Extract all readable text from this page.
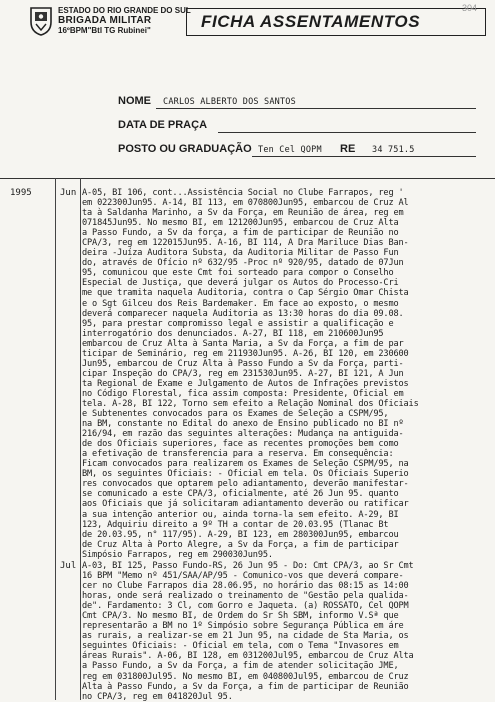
ESTADO DO RIO GRANDE DO SUL
BRIGADA MILITAR
16ºBPM"Btl TG Rubinei"	FICHA ASSENTAMENTOS
304
NOME CARLOS ALBERTO DOS SANTOS
DATA DE PRAÇA
POSTO OU GRADUAÇÃO Ten Cel QOPM RE 34 751.5
1995	Jun A-05, BI 106, cont...Assistência Social no Clube Farrapos, reg '
em 022300Jun95. A-14, BI 113, em 070800Jun95, embarcou de Cruz Al
ta à Saldanha Marinho, a Sv da Força, em Reunião de área, reg em
071845Jun95. No mesmo BI, em 121200Jun95, embarcou de Cruz Alta
a Passo Fundo, a Sv da força, a fim de participar de Reunião no
CPA/3, reg em 122015Jun95. A-16, BI 114, A Dra Mariluce Dias Ban-
deira -Juíza Auditora Substa, da Auditoria Militar de Passo Fun
do, através de Ofício nº 632/95 -Proc nº 920/95, datado de 07Jun
95, comunicou que este Cmt foi sorteado para compor o Conselho
Especial de Justiça, que deverá julgar os Autos do Processo-Cri
me que tramita naquela Auditoria, contra o Cap Sérgio Omar Chista
e o Sgt Gilceu dos Reis Bardemaker. Em face ao exposto, o mesmo
deverá comparecer naquela Auditoria as 13:30 horas do dia 09.08.
95, para prestar compromisso legal e assistir a qualificação e
interrogatório dos denunciados. A-27, BI 118, em 210600Jun95
embarcou de Cruz Alta à Santa Maria, a Sv da Força, a fim de par
ticipar de Seminário, reg em 211930Jun95. A-26, BI 120, em 230600
Jun95, embarcou de Cruz Alta à Passo Fundo a Sv da Força, parti-
cipar Inspeção do CPA/3, reg em 231530Jun95. A-27, BI 121, A Jun
ta Regional de Exame e Julgamento de Autos de Infrações previstos
no Código Florestal, fica assim composta: Presidente, Oficial em
tela. A-28, BI 122, Torno sem efeito a Relação Nominal dos Oficiais
e Subtenentes convocados para os Exames de Seleção a CSPM/95,
na BM, constante no Edital do anexo de Ensino publicado no BI nº
216/94, em razão das seguintes alterações: Mudança na antiguida-
de dos Oficiais superiores, face as recentes promoções bem como
a efetivação de transferencia para a reserva. Em consequência:
Ficam convocados para realizarem os Exames de Seleção CSPM/95, na
BM, os seguintes Oficiais: - Oficial em tela. Os Oficiais Superio
res convocados que optarem pelo adiantamento, deverão manifestar-
se comunicado a este CPA/3, oficialmente, até 26 Jun 95. quanto
aos Oficiais que já solicitaram adiantamento deverão ou ratificar
a sua intenção anterior ou, ainda torna-la sem efeito. A-29, BI
123, Adquiriu direito a 9º TH a contar de 20.03.95 (Tlanac Bt
de 20.03.95, n° 117/95). A-29, BI 123, em 280300Jun95, embarcou
de Cruz Alta à Porto Alegre, a Sv da Força, a fim de participar
Simpósio Farrapos, reg em 290030Jun95.
Jul A-03, BI 125, Passo Fundo-RS, 26 Jun 95 - Do: Cmt CPA/3, ao Sr Cmt
16 BPM "Memo nº 451/SAA/AP/95 - Comunico-vos que deverá compare-
cer no Clube Farrapos dia 28.06.95, no horário das 08:15 as 14:00
horas, onde será realizado o treinamento de "Gestão pela qualida-
de". Fardamento: 3 Cl, com Gorro e Jaqueta. (a) ROSSATO, Cel QOPM
Cmt CPA/3. No mesmo BI, de Ordem do Sr Sh SBM, informo V.Sª que
representarão a BM no 1º Simpósio sobre Segurança Pública em áre
as rurais, a realizar-se em 21 Jun 95, na cidade de Sta Maria, os
seguintes Oficiais: - Oficial em tela, com o Tema "Invasores em
áreas Rurais". A-06, BI 128, em 031200Jul95, embarcou de Cruz Alta
a Passo Fundo, a Sv da Força, a fim de atender solicitação JME,
reg em 031800Jul95. No mesmo BI, em 040800Jul95, embarcou de Cruz
Alta à Passo Fundo, a Sv da Força, a fim de participar de Reunião
no CPA/3, reg em 041820Jul 95.
